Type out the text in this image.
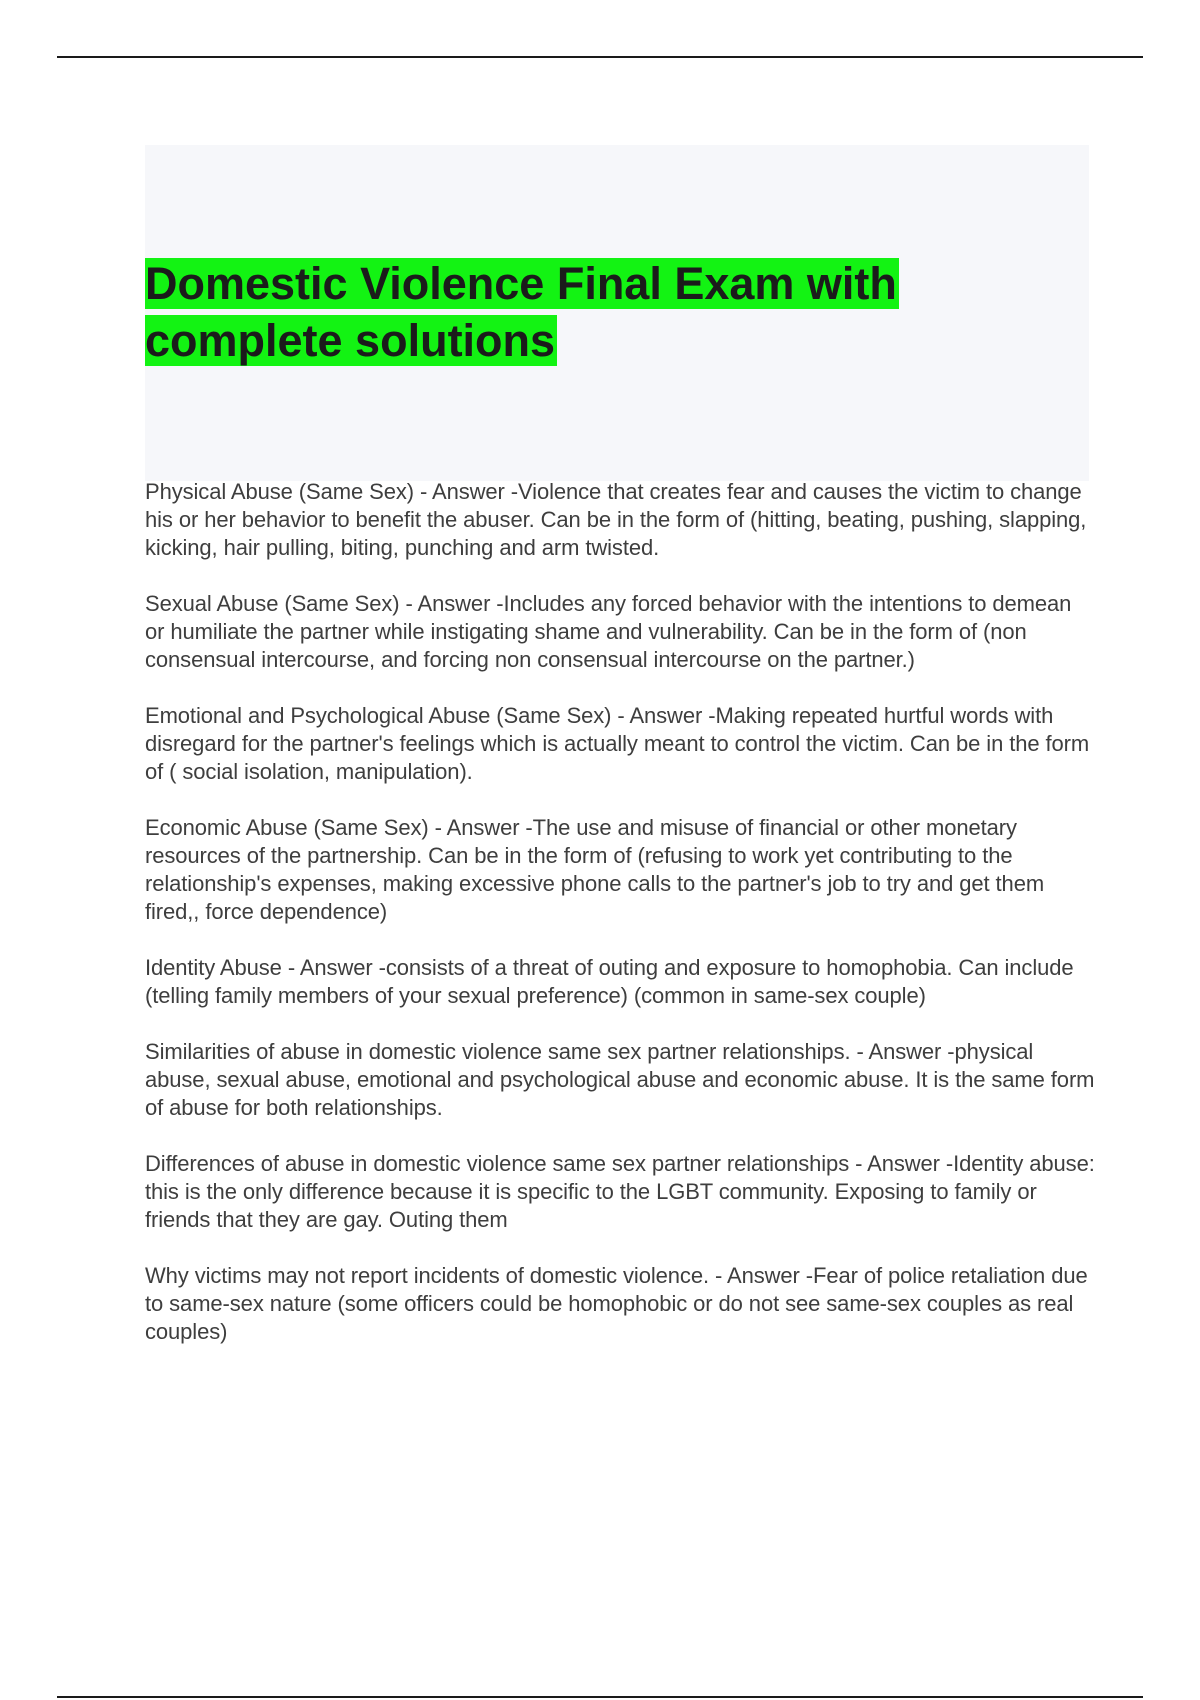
Domestic Violence Final Exam with complete solutions

Physical Abuse (Same Sex) - Answer -Violence that creates fear and causes the victim to change his or her behavior to benefit the abuser. Can be in the form of (hitting, beating, pushing, slapping, kicking, hair pulling, biting, punching and arm twisted.

Sexual Abuse (Same Sex) - Answer -Includes any forced behavior with the intentions to demean or humiliate the partner while instigating shame and vulnerability. Can be in the form of (non consensual intercourse, and forcing non consensual intercourse on the partner.)

Emotional and Psychological Abuse (Same Sex) - Answer -Making repeated hurtful words with disregard for the partner's feelings which is actually meant to control the victim. Can be in the form of ( social isolation, manipulation).

Economic Abuse (Same Sex) - Answer -The use and misuse of financial or other monetary resources of the partnership. Can be in the form of (refusing to work yet contributing to the relationship's expenses, making excessive phone calls to the partner's job to try and get them fired,, force dependence)

Identity Abuse - Answer -consists of a threat of outing and exposure to homophobia. Can include (telling family members of your sexual preference) (common in same-sex couple)

Similarities of abuse in domestic violence same sex partner relationships. - Answer -physical abuse, sexual abuse, emotional and psychological abuse and economic abuse. It is the same form of abuse for both relationships.

Differences of abuse in domestic violence same sex partner relationships - Answer -Identity abuse: this is the only difference because it is specific to the LGBT community. Exposing to family or friends that they are gay. Outing them

Why victims may not report incidents of domestic violence. - Answer -Fear of police retaliation due to same-sex nature (some officers could be homophobic or do not see same-sex couples as real couples)
